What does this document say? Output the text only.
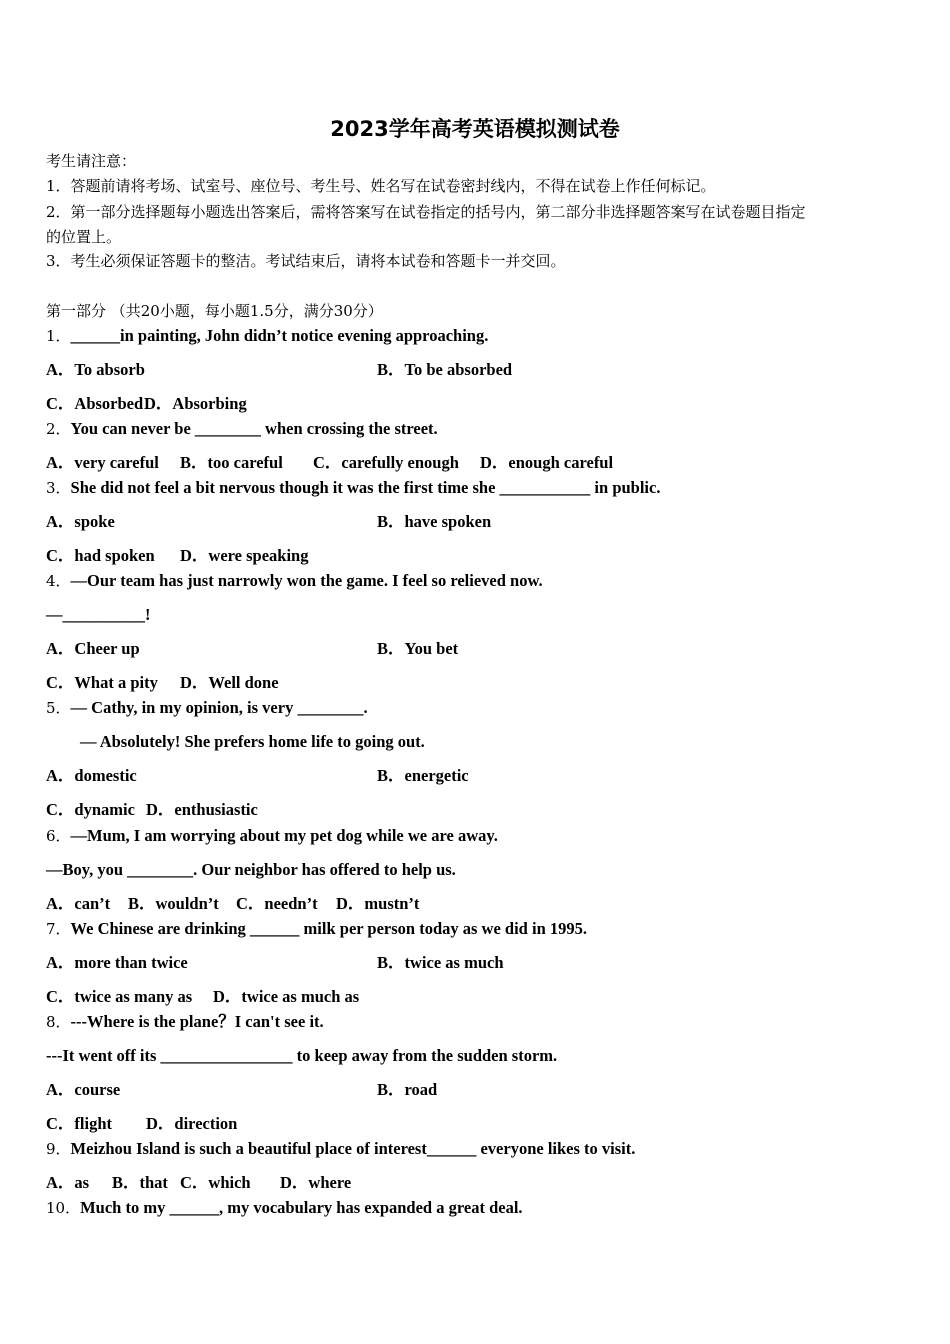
2023学年高考英语模拟测试卷
考生请注意：
1．答题前请将考场、试室号、座位号、考生号、姓名写在试卷密封线内，不得在试卷上作任何标记。
2．第一部分选择题每小题选出答案后，需将答案写在试卷指定的括号内，第二部分非选择题答案写在试卷题目指定
的位置上。
3．考生必须保证答题卡的整洁。考试结束后，请将本试卷和答题卡一并交回。
第一部分 （共20小题，每小题1.5分，满分30分）
1．______in painting, John didn’t notice evening approaching.
A．To absorb	B．To be absorbed
C．Absorbed D．Absorbing
2．You can never be ________ when crossing the street.
A．very careful B．too careful C．carefully enough D．enough careful
3．She did not feel a bit nervous though it was the first time she ___________ in public.
A．spoke	B．have spoken
C．had spoken D．were speaking
4．—Our team has just narrowly won the game. I feel so relieved now.
—__________!
A．Cheer up	B．You bet
C．What a pity D．Well done
5．— Cathy, in my opinion, is very ________.
— Absolutely! She prefers home life to going out.
A．domestic	B．energetic
C．dynamic D．enthusiastic
6．—Mum, I am worrying about my pet dog while we are away.
—Boy, you ________. Our neighbor has offered to help us.
A．can’t B．wouldn’t C．needn’t D．mustn’t
7．We Chinese are drinking ______ milk per person today as we did in 1995.
A．more than twice	B．twice as much
C．twice as many as D．twice as much as
8．---Where is the plane？I can't see it.
---It went off its ________________ to keep away from the sudden storm.
A．course	B．road
C．flight D．direction
9．Meizhou Island is such a beautiful place of interest______ everyone likes to visit.
A．as B．that C．which D．where
10．Much to my ______, my vocabulary has expanded a great deal.
